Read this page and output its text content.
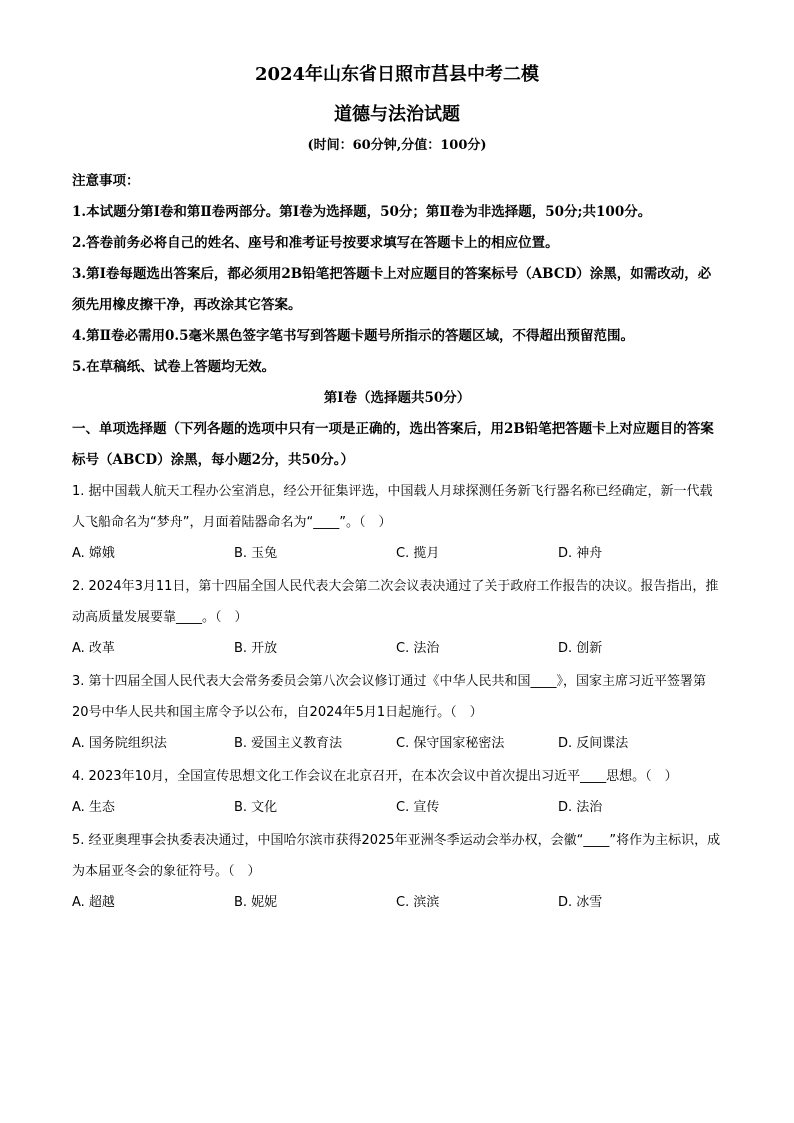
2024年山东省日照市莒县中考二模
道德与法治试题
(时间：60分钟,分值：100分)

注意事项：

1.本试题分第Ⅰ卷和第Ⅱ卷两部分。第Ⅰ卷为选择题，50分；第Ⅱ卷为非选择题，50分;共100分。

2.答卷前务必将自己的姓名、座号和准考证号按要求填写在答题卡上的相应位置。

3.第Ⅰ卷每题选出答案后，都必须用2B铅笔把答题卡上对应题目的答案标号（ABCD）涂黑，如需改动，必须先用橡皮擦干净，再改涂其它答案。

4.第Ⅱ卷必需用0.5毫米黑色签字笔书写到答题卡题号所指示的答题区域，不得超出预留范围。

5.在草稿纸、试卷上答题均无效。

第Ⅰ卷（选择题共50分）

一、单项选择题（下列各题的选项中只有一项是正确的，选出答案后，用2B铅笔把答题卡上对应题目的答案标号（ABCD）涂黑，每小题2分，共50分。）

1. 据中国载人航天工程办公室消息，经公开征集评选，中国载人月球探测任务新飞行器名称已经确定，新一代载人飞船命名为“梦舟”，月面着陆器命名为“____”。（　）

A. 嫦娥	B. 玉兔	C. 揽月	D. 神舟

2. 2024年3月11日，第十四届全国人民代表大会第二次会议表决通过了关于政府工作报告的决议。报告指出，推动高质量发展要靠____。（　）

A. 改革	B. 开放	C. 法治	D. 创新

3. 第十四届全国人民代表大会常务委员会第八次会议修订通过《中华人民共和国____》，国家主席习近平签署第20号中华人民共和国主席令予以公布，自2024年5月1日起施行。（　）

A. 国务院组织法	B. 爱国主义教育法	C. 保守国家秘密法	D. 反间谍法

4. 2023年10月，全国宣传思想文化工作会议在北京召开，在本次会议中首次提出习近平____思想。（　）

A. 生态	B. 文化	C. 宣传	D. 法治

5. 经亚奥理事会执委表决通过，中国哈尔滨市获得2025年亚洲冬季运动会举办权，会徽“____”将作为主标识，成为本届亚冬会的象征符号。（　）

A. 超越	B. 妮妮	C. 滨滨	D. 冰雪
